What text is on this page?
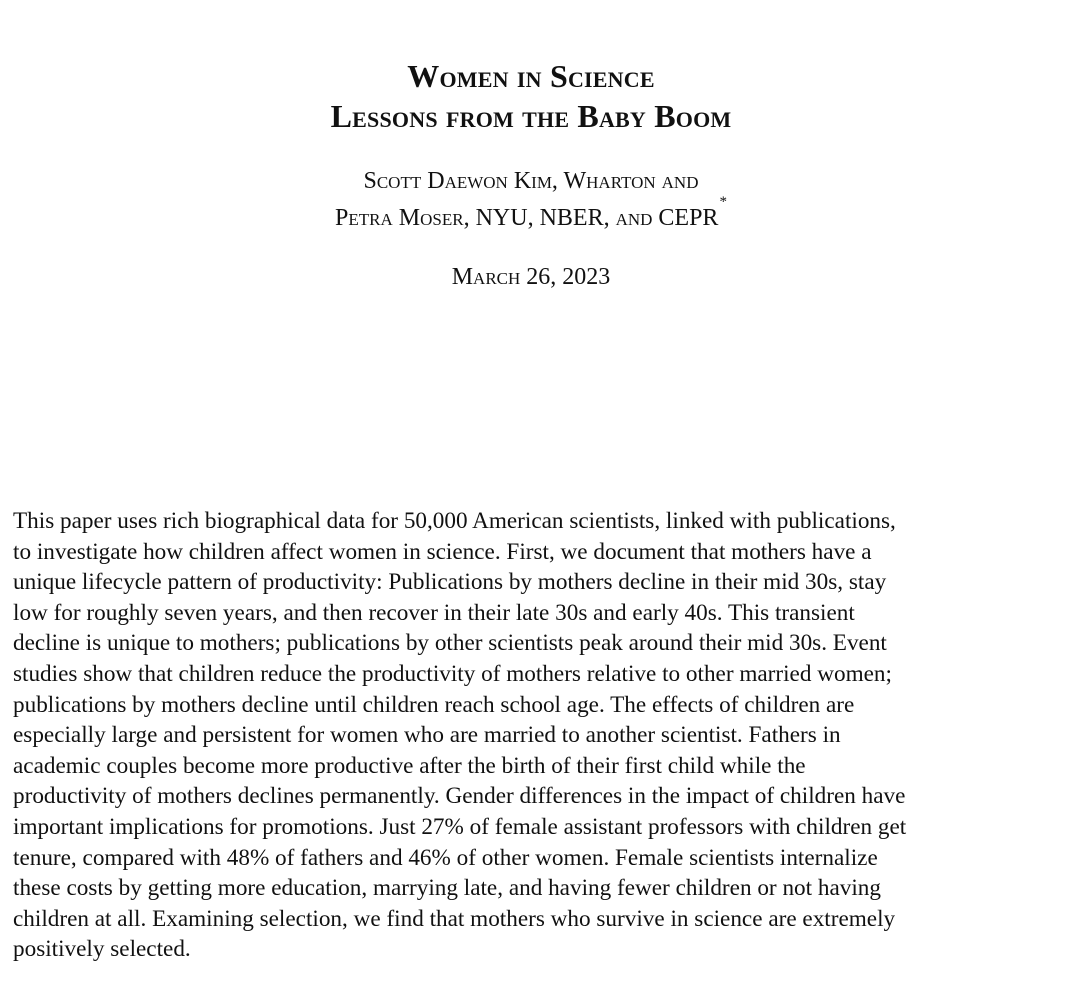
Women in Science
Lessons from the Baby Boom
Scott Daewon Kim, Wharton and
Petra Moser, NYU, NBER, and CEPR*
March 26, 2023

This paper uses rich biographical data for 50,000 American scientists, linked with publications,
to investigate how children affect women in science. First, we document that mothers have a
unique lifecycle pattern of productivity: Publications by mothers decline in their mid 30s, stay
low for roughly seven years, and then recover in their late 30s and early 40s. This transient
decline is unique to mothers; publications by other scientists peak around their mid 30s. Event
studies show that children reduce the productivity of mothers relative to other married women;
publications by mothers decline until children reach school age. The effects of children are
especially large and persistent for women who are married to another scientist. Fathers in
academic couples become more productive after the birth of their first child while the
productivity of mothers declines permanently. Gender differences in the impact of children have
important implications for promotions. Just 27% of female assistant professors with children get
tenure, compared with 48% of fathers and 46% of other women. Female scientists internalize
these costs by getting more education, marrying late, and having fewer children or not having
children at all. Examining selection, we find that mothers who survive in science are extremely
positively selected.
